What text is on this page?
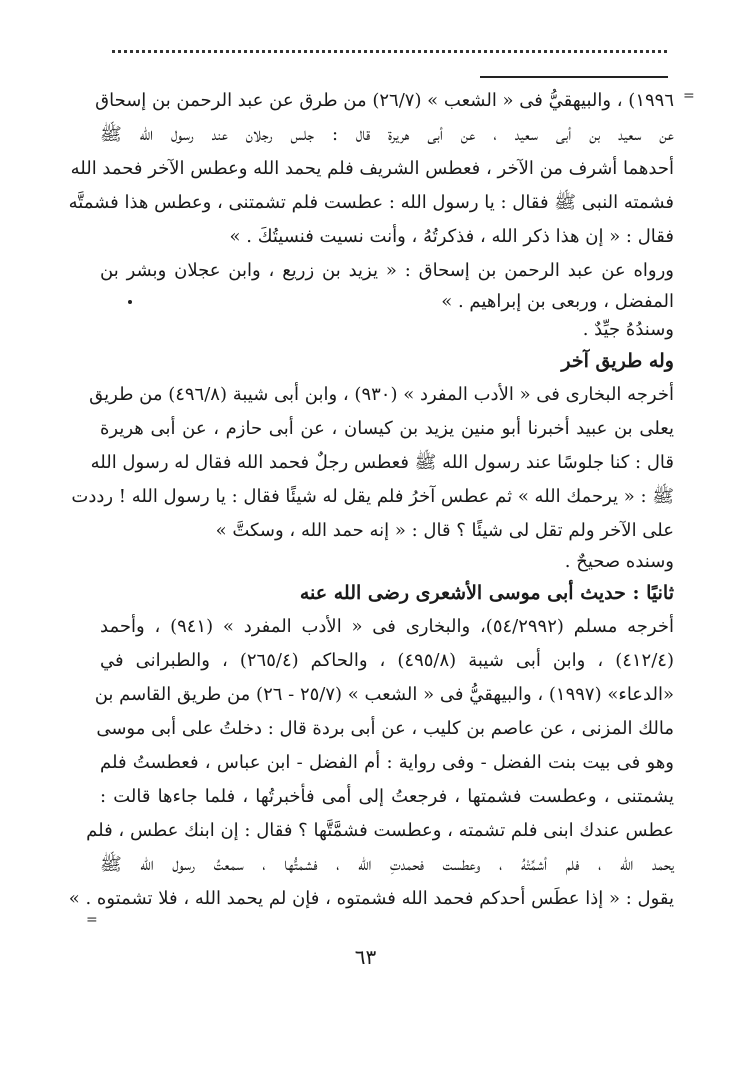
=
=
١٩٩٦) ، والبيهقيُّ فى « الشعب » (٢٦/٧) من طرق عن عبد الرحمن بن إسحاق
عن سعيد بن أبى سعيد ، عن أبى هريرة قال : جلس رجلان عند رسول الله ﷺ
أحدهما أشرف من الآخر ، فعطس الشريف فلم يحمد الله وعطس الآخر فحمد الله
فشمته النبى ﷺ فقال : يا رسول الله : عطست فلم تشمتنى ، وعطس هذا فشمتَّه
فقال : « إن هذا ذكر الله ، فذكرتُهُ ، وأنت نسيت فنسيتُكَ . »
ورواه عن عبد الرحمن بن إسحاق : « يزيد بن زريع ، وابن عجلان وبشر بن
المفضل ، وربعى بن إبراهيم . »
وسندُهُ جيِّدٌ .
وله طريق آخر
أخرجه البخارى فى « الأدب المفرد » (٩٣٠) ، وابن أبى شيبة (٤٩٦/٨) من طريق
يعلى بن عبيد أخبرنا أبو منين يزيد بن كيسان ، عن أبى حازم ، عن أبى هريرة
قال : كنا جلوسًا عند رسول الله ﷺ فعطس رجلٌ فحمد الله فقال له رسول الله
ﷺ : « يرحمك الله » ثم عطس آخرُ فلم يقل له شيئًا فقال : يا رسول الله ! رددت
على الآخر ولم تقل لى شيئًا ؟ قال : « إنه حمد الله ، وسكتَّ »
وسنده صحيحٌ .
ثانيًا : حديث أبى موسى الأشعرى رضى الله عنه
أخرجه مسلم (٥٤/٢٩٩٢)، والبخارى فى « الأدب المفرد » (٩٤١) ، وأحمد
(٤١٢/٤) ، وابن أبى شيبة (٤٩٥/٨) ، والحاكم (٢٦٥/٤) ، والطبرانى في
«الدعاء» (١٩٩٧) ، والبيهقيُّ فى « الشعب » (٢٥/٧ - ٢٦) من طريق القاسم بن
مالك المزنى ، عن عاصم بن كليب ، عن أبى بردة قال : دخلتُ على أبى موسى
وهو فى بيت بنت الفضل - وفى رواية : أم الفضل - ابن عباس ، فعطستُ فلم
يشمتنى ، وعطست فشمتها ، فرجعتُ إلى أمى فأخبرتُها ، فلما جاءها قالت :
عطس عندك ابنى فلم تشمته ، وعطست فشمَّتَّها ؟ فقال : إن ابنك عطس ، فلم
يحمد الله ، فلم أشمِّتْهُ ، وعطست فحمدتِ الله ، فشمتُّها ، سمعتُ رسول الله ﷺ
يقول : « إذا عطَس أحدكم فحمد الله فشمتوه ، فإن لم يحمد الله ، فلا تشمتوه . »
٦٣
